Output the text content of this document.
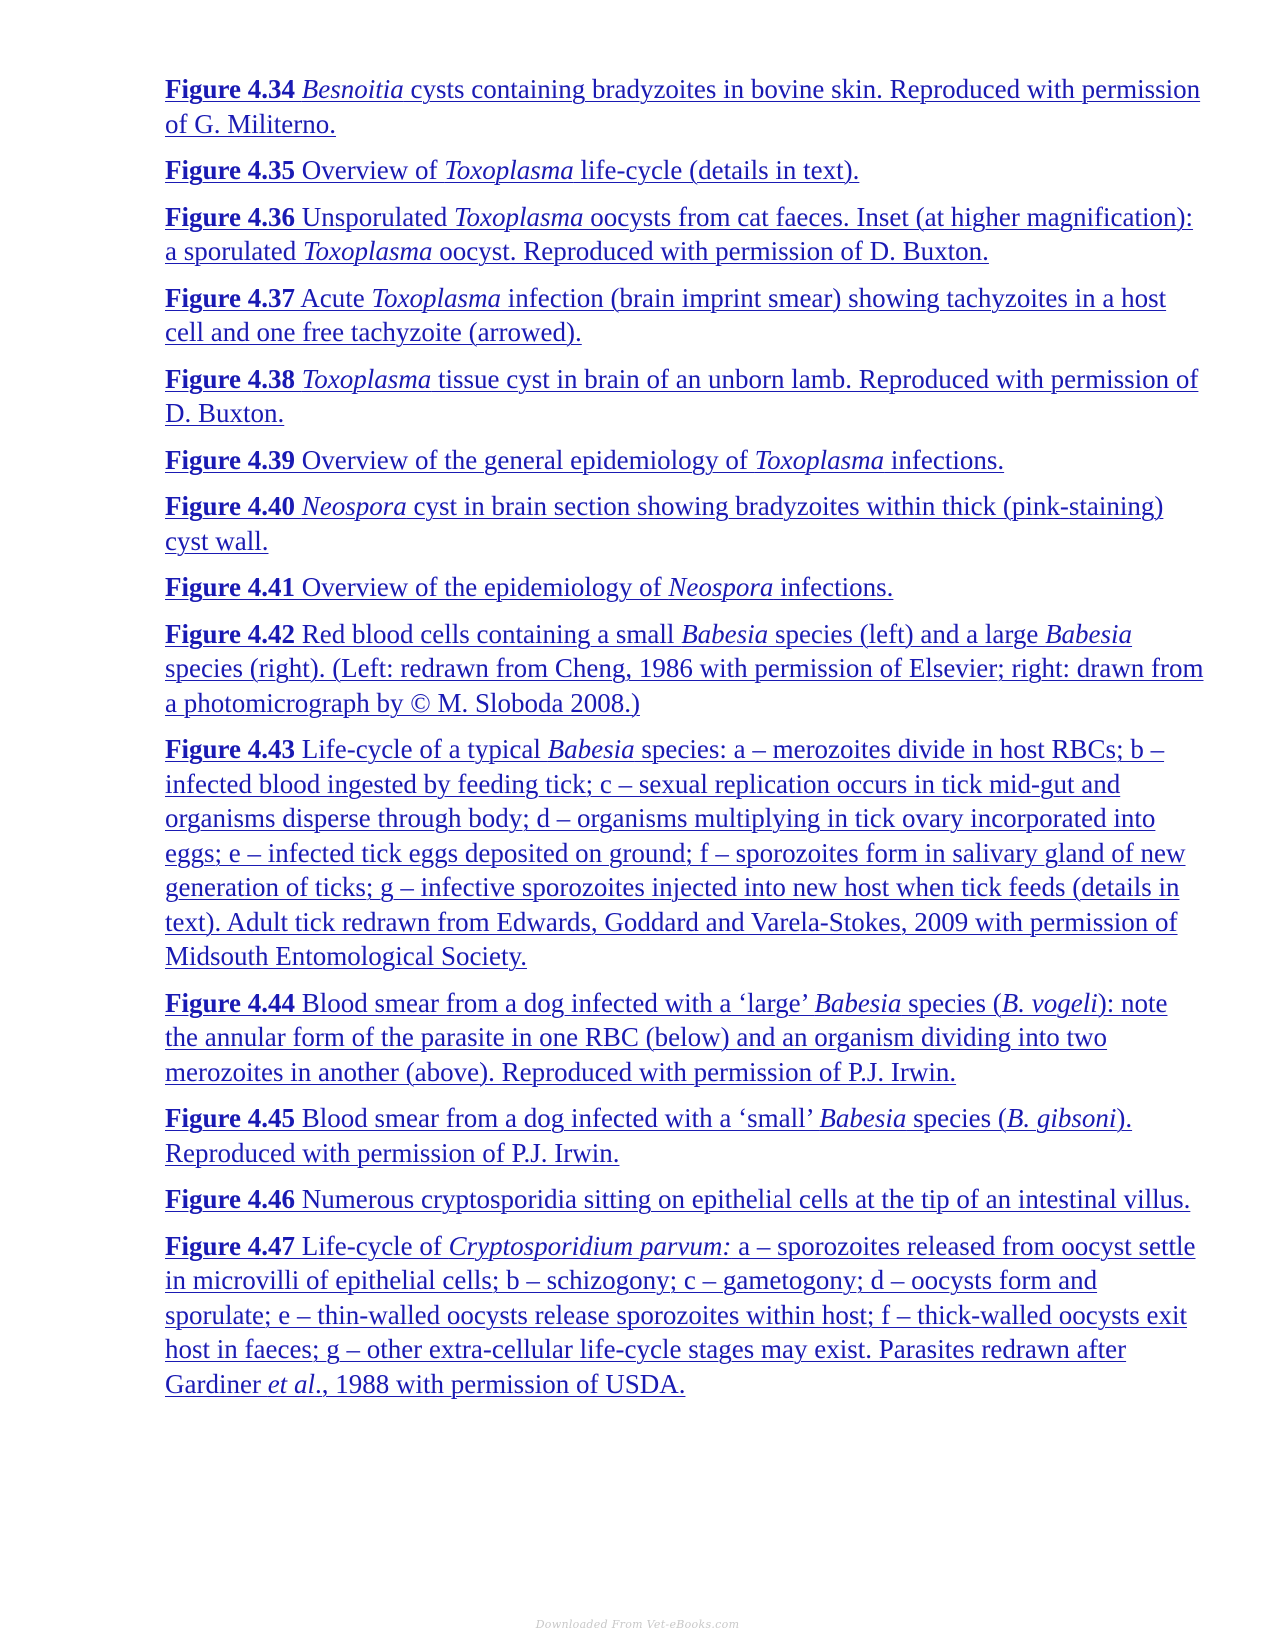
Figure 4.34 Besnoitia cysts containing bradyzoites in bovine skin. Reproduced with permission of G. Militerno.

Figure 4.35 Overview of Toxoplasma life-cycle (details in text).

Figure 4.36 Unsporulated Toxoplasma oocysts from cat faeces. Inset (at higher magnification): a sporulated Toxoplasma oocyst. Reproduced with permission of D. Buxton.

Figure 4.37 Acute Toxoplasma infection (brain imprint smear) showing tachyzoites in a host cell and one free tachyzoite (arrowed).

Figure 4.38 Toxoplasma tissue cyst in brain of an unborn lamb. Reproduced with permission of D. Buxton.

Figure 4.39 Overview of the general epidemiology of Toxoplasma infections.

Figure 4.40 Neospora cyst in brain section showing bradyzoites within thick (pink-staining) cyst wall.

Figure 4.41 Overview of the epidemiology of Neospora infections.

Figure 4.42 Red blood cells containing a small Babesia species (left) and a large Babesia species (right). (Left: redrawn from Cheng, 1986 with permission of Elsevier; right: drawn from a photomicrograph by © M. Sloboda 2008.)

Figure 4.43 Life-cycle of a typical Babesia species: a – merozoites divide in host RBCs; b – infected blood ingested by feeding tick; c – sexual replication occurs in tick mid-gut and organisms disperse through body; d – organisms multiplying in tick ovary incorporated into eggs; e – infected tick eggs deposited on ground; f – sporozoites form in salivary gland of new generation of ticks; g – infective sporozoites injected into new host when tick feeds (details in text). Adult tick redrawn from Edwards, Goddard and Varela-Stokes, 2009 with permission of Midsouth Entomological Society.

Figure 4.44 Blood smear from a dog infected with a ‘large’ Babesia species (B. vogeli): note the annular form of the parasite in one RBC (below) and an organism dividing into two merozoites in another (above). Reproduced with permission of P.J. Irwin.

Figure 4.45 Blood smear from a dog infected with a ‘small’ Babesia species (B. gibsoni). Reproduced with permission of P.J. Irwin.

Figure 4.46 Numerous cryptosporidia sitting on epithelial cells at the tip of an intestinal villus.

Figure 4.47 Life-cycle of Cryptosporidium parvum: a – sporozoites released from oocyst settle in microvilli of epithelial cells; b – schizogony; c – gametogony; d – oocysts form and sporulate; e – thin-walled oocysts release sporozoites within host; f – thick-walled oocysts exit host in faeces; g – other extra-cellular life-cycle stages may exist. Parasites redrawn after Gardiner et al., 1988 with permission of USDA.

Downloaded From Vet-eBooks.com
